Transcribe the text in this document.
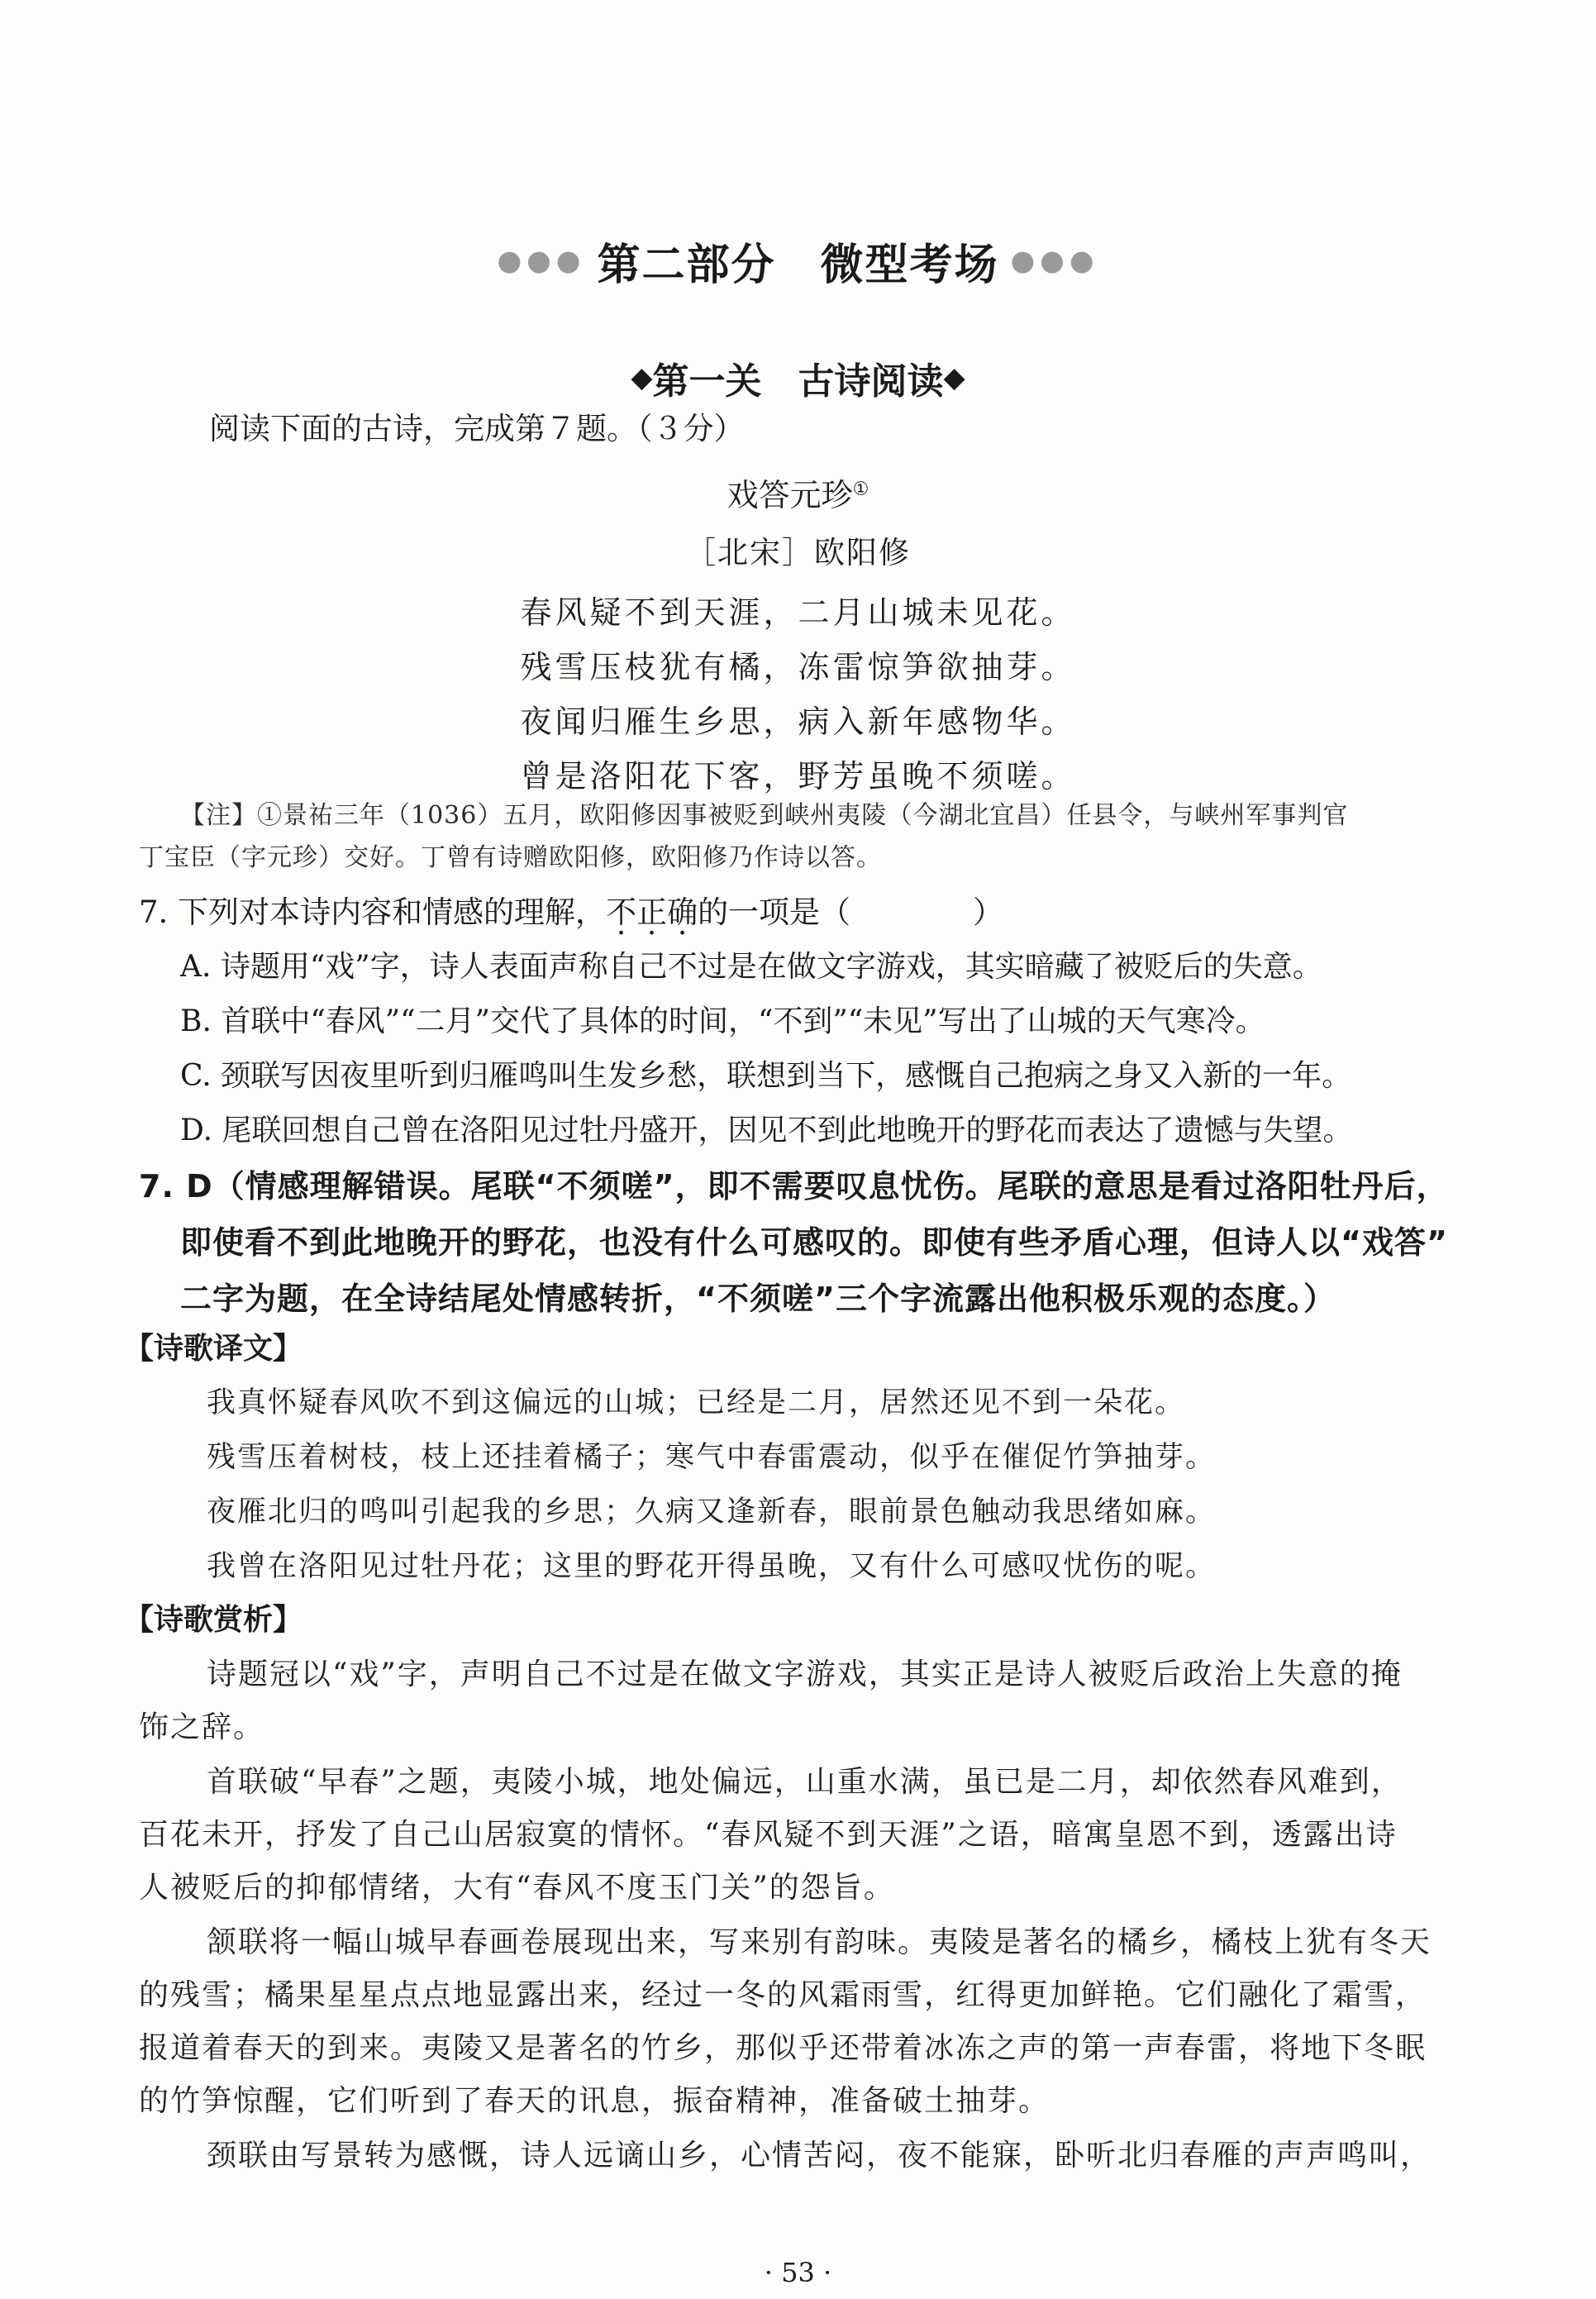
●●● 第二部分　微型考场 ●●●
◆第一关　古诗阅读◆
阅读下面的古诗，完成第７题。（３分）
戏答元珍①
［北宋］欧阳修
春风疑不到天涯，二月山城未见花。
残雪压枝犹有橘，冻雷惊笋欲抽芽。
夜闻归雁生乡思，病入新年感物华。
曾是洛阳花下客，野芳虽晚不须嗟。
【注】①景祐三年（1036）五月，欧阳修因事被贬到峡州夷陵（今湖北宜昌）任县令，与峡州军事判官
丁宝臣（字元珍）交好。丁曾有诗赠欧阳修，欧阳修乃作诗以答。
7. 下列对本诗内容和情感的理解，不正确的一项是（　　　　）
A. 诗题用“戏”字，诗人表面声称自己不过是在做文字游戏，其实暗藏了被贬后的失意。
B. 首联中“春风”“二月”交代了具体的时间，“不到”“未见”写出了山城的天气寒冷。
C. 颈联写因夜里听到归雁鸣叫生发乡愁，联想到当下，感慨自己抱病之身又入新的一年。
D. 尾联回想自己曾在洛阳见过牡丹盛开，因见不到此地晚开的野花而表达了遗憾与失望。
7. D（情感理解错误。尾联“不须嗟”，即不需要叹息忧伤。尾联的意思是看过洛阳牡丹后，
即使看不到此地晚开的野花，也没有什么可感叹的。即使有些矛盾心理，但诗人以“戏答”
二字为题，在全诗结尾处情感转折，“不须嗟”三个字流露出他积极乐观的态度。）
【诗歌译文】
我真怀疑春风吹不到这偏远的山城；已经是二月，居然还见不到一朵花。
残雪压着树枝，枝上还挂着橘子；寒气中春雷震动，似乎在催促竹笋抽芽。
夜雁北归的鸣叫引起我的乡思；久病又逢新春，眼前景色触动我思绪如麻。
我曾在洛阳见过牡丹花；这里的野花开得虽晚，又有什么可感叹忧伤的呢。
【诗歌赏析】
诗题冠以“戏”字，声明自己不过是在做文字游戏，其实正是诗人被贬后政治上失意的掩
饰之辞。
首联破“早春”之题，夷陵小城，地处偏远，山重水满，虽已是二月，却依然春风难到，
百花未开，抒发了自己山居寂寞的情怀。“春风疑不到天涯”之语，暗寓皇恩不到，透露出诗
人被贬后的抑郁情绪，大有“春风不度玉门关”的怨旨。
颔联将一幅山城早春画卷展现出来，写来别有韵味。夷陵是著名的橘乡，橘枝上犹有冬天
的残雪；橘果星星点点地显露出来，经过一冬的风霜雨雪，红得更加鲜艳。它们融化了霜雪，
报道着春天的到来。夷陵又是著名的竹乡，那似乎还带着冰冻之声的第一声春雷，将地下冬眠
的竹笋惊醒，它们听到了春天的讯息，振奋精神，准备破土抽芽。
颈联由写景转为感慨，诗人远谪山乡，心情苦闷，夜不能寐，卧听北归春雁的声声鸣叫，
· 53 ·
